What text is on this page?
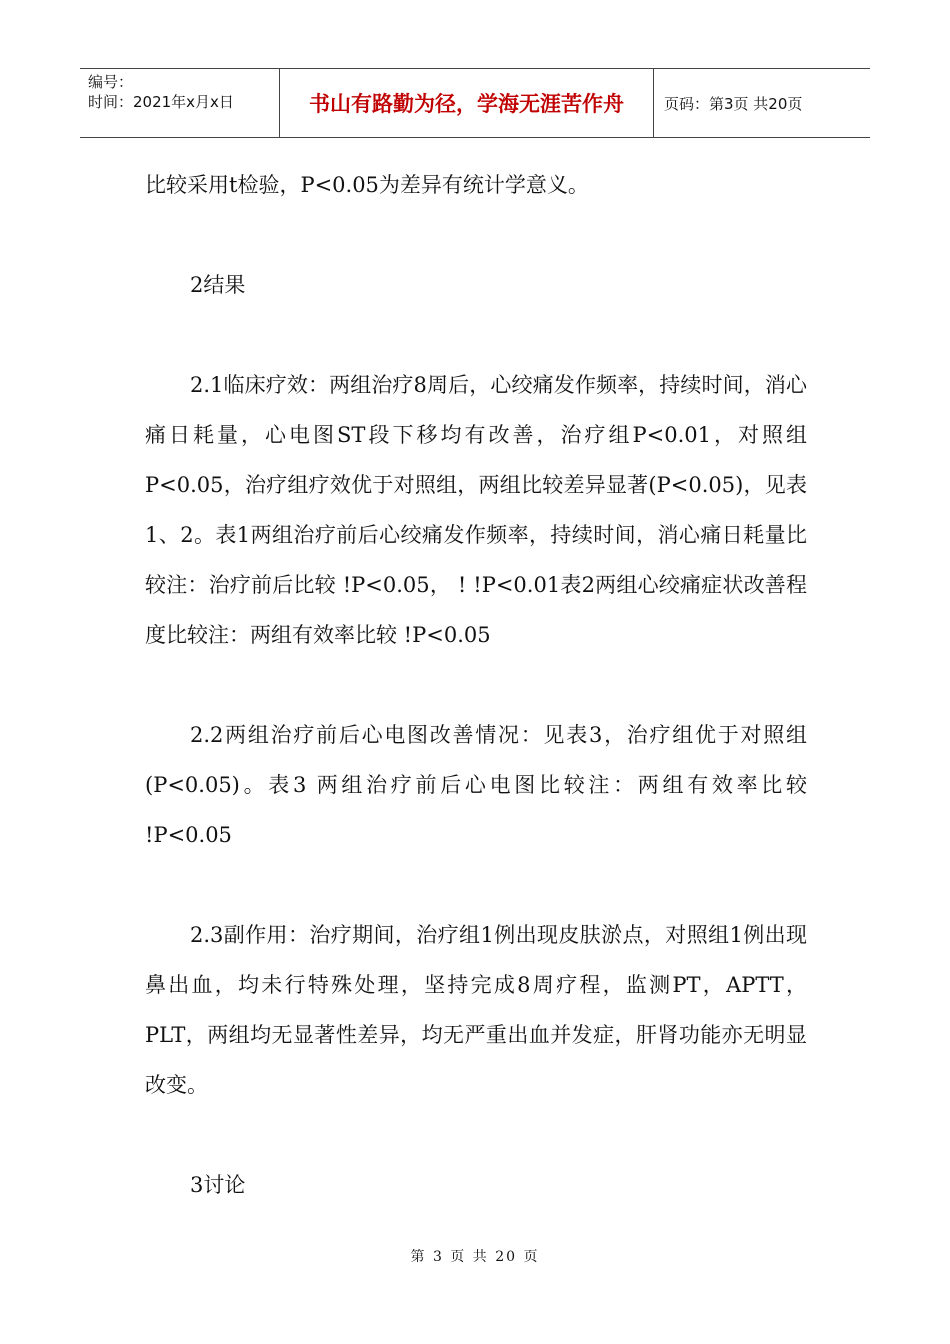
编号：
时间：2021年x月x日	书山有路勤为径，学海无涯苦作舟	页码：第3页 共20页

比较采用t检验，P<0.05为差异有统计学意义。

2结果

2.1临床疗效：两组治疗8周后，心绞痛发作频率，持续时间，消心痛日耗量，心电图ST段下移均有改善，治疗组P<0.01，对照组P<0.05，治疗组疗效优于对照组，两组比较差异显著(P<0.05)，见表1、2。表1两组治疗前后心绞痛发作频率，持续时间，消心痛日耗量比较注：治疗前后比较 !P<0.05， ! !P<0.01表2两组心绞痛症状改善程度比较注：两组有效率比较 !P<0.05

2.2两组治疗前后心电图改善情况：见表3，治疗组优于对照组(P<0.05)。表3 两组治疗前后心电图比较注：两组有效率比较 !P<0.05

2.3副作用：治疗期间，治疗组1例出现皮肤淤点，对照组1例出现鼻出血，均未行特殊处理，坚持完成8周疗程，监测PT，APTT，PLT，两组均无显著性差异，均无严重出血并发症，肝肾功能亦无明显改变。

3讨论

第 3 页 共 20 页
